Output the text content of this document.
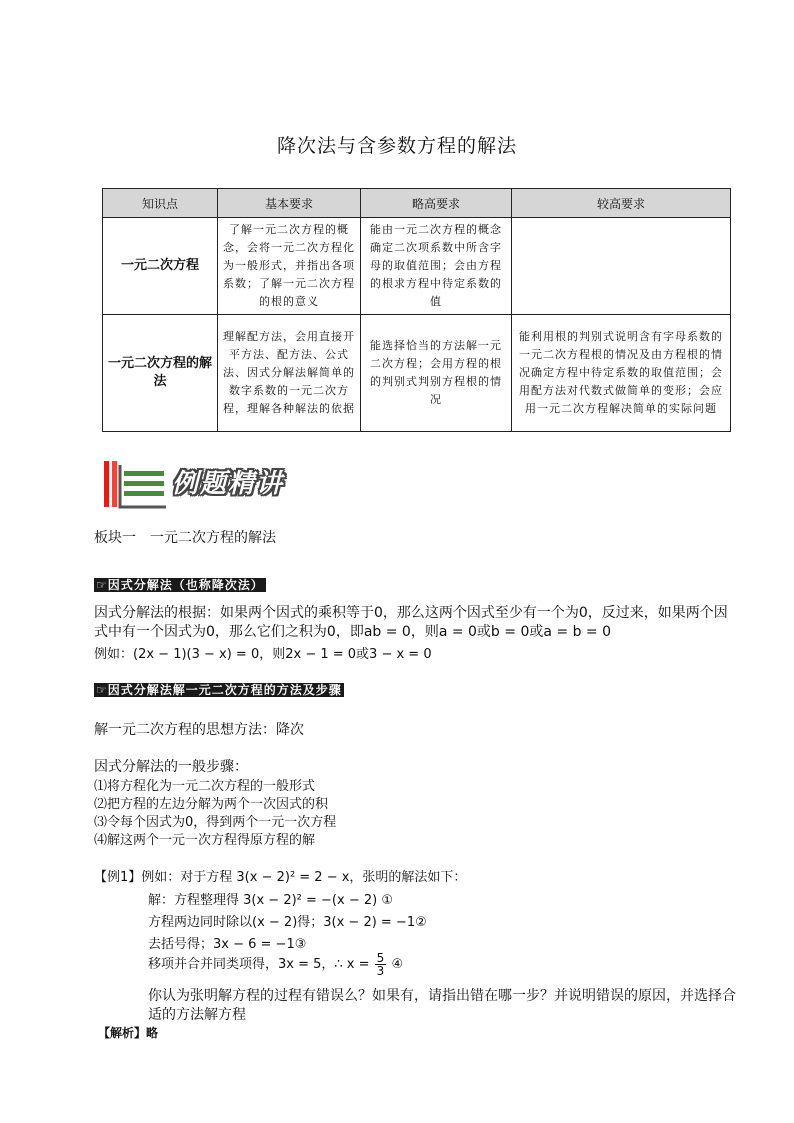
降次法与含参数方程的解法
知识点	基本要求	略高要求	较高要求
一元二次方程	了解一元二次方程的概念，会将一元二次方程化为一般形式，并指出各项系数；了解一元二次方程的根的意义	能由一元二次方程的概念确定二次项系数中所含字母的取值范围；会由方程的根求方程中待定系数的值	
一元二次方程的解法	理解配方法，会用直接开平方法、配方法、公式法、因式分解法解简单的数字系数的一元二次方程，理解各种解法的依据	能选择恰当的方法解一元二次方程；会用方程的根的判别式判别方程根的情况	能利用根的判别式说明含有字母系数的一元二次方程根的情况及由方程根的情况确定方程中待定系数的取值范围；会用配方法对代数式做简单的变形；会应用一元二次方程解决简单的实际问题
例题精讲
板块一　一元二次方程的解法
☞因式分解法（也称降次法）
因式分解法的根据：如果两个因式的乘积等于0，那么这两个因式至少有一个为0，反过来，如果两个因
式中有一个因式为0，那么它们之积为0，即ab = 0，则a = 0或b = 0或a = b = 0
例如：(2x − 1)(3 − x) = 0，则2x − 1 = 0或3 − x = 0
☞因式分解法解一元二次方程的方法及步骤
解一元二次方程的思想方法：降次
因式分解法的一般步骤：
⑴将方程化为一元二次方程的一般形式
⑵把方程的左边分解为两个一次因式的积
⑶令每个因式为0，得到两个一元一次方程
⑷解这两个一元一次方程得原方程的解
【例1】例如：对于方程 3(x − 2)² = 2 − x，张明的解法如下：
解：方程整理得 3(x − 2)² = −(x − 2) ①
方程两边同时除以(x − 2)得；3(x − 2) = −1②
去括号得；3x − 6 = −1③
移项并合并同类项得，3x = 5，∴ $x = \frac{5}{3}$ ④
你认为张明解方程的过程有错误么？如果有，请指出错在哪一步？并说明错误的原因，并选择合
适的方法解方程
【解析】略
